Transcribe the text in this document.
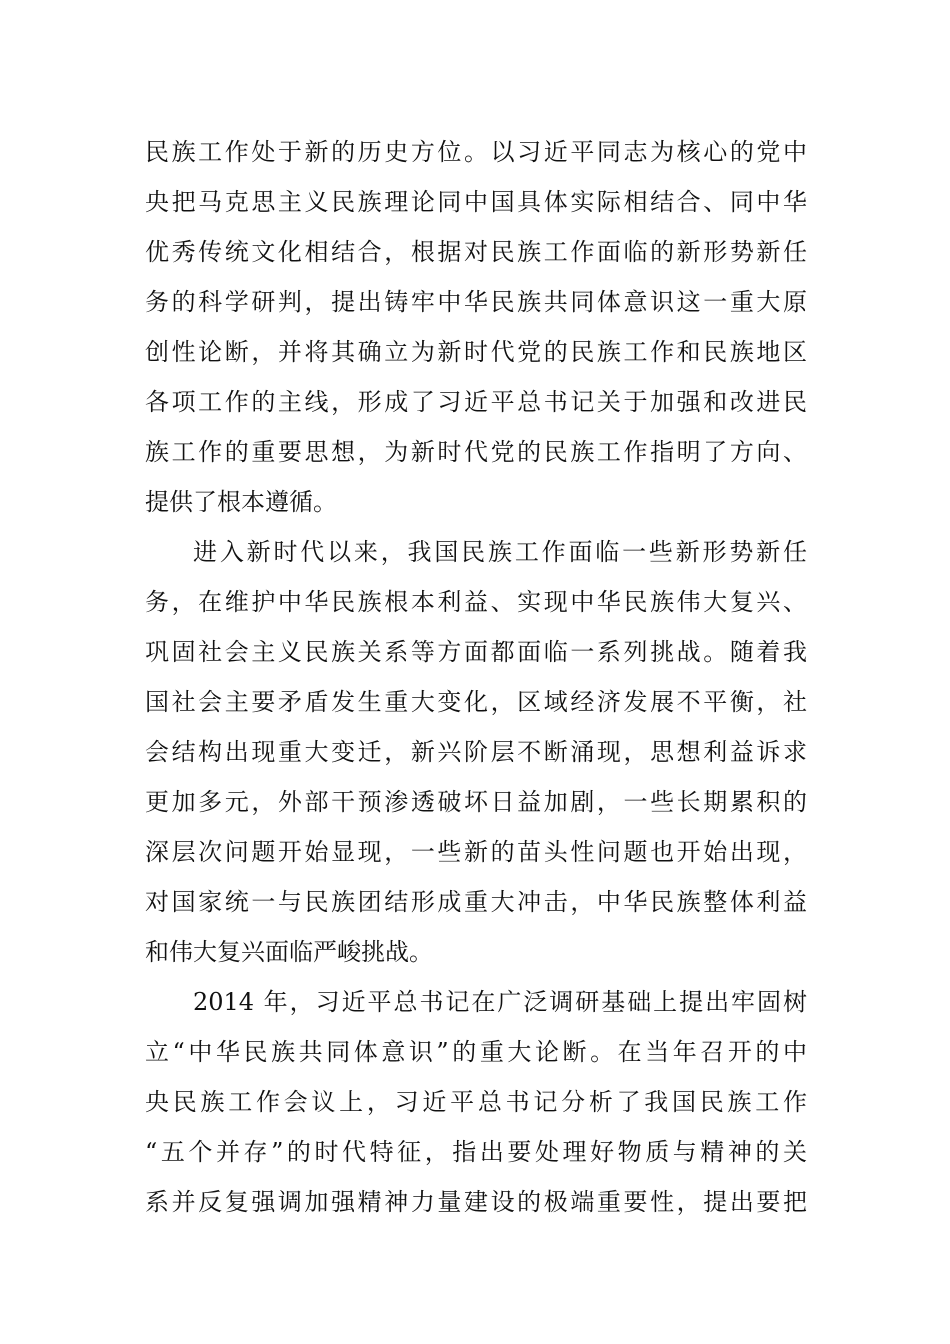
民族工作处于新的历史方位。以习近平同志为核心的党中
央把马克思主义民族理论同中国具体实际相结合、同中华
优秀传统文化相结合，根据对民族工作面临的新形势新任
务的科学研判，提出铸牢中华民族共同体意识这一重大原
创性论断，并将其确立为新时代党的民族工作和民族地区
各项工作的主线，形成了习近平总书记关于加强和改进民
族工作的重要思想，为新时代党的民族工作指明了方向、
提供了根本遵循。
进入新时代以来，我国民族工作面临一些新形势新任
务，在维护中华民族根本利益、实现中华民族伟大复兴、
巩固社会主义民族关系等方面都面临一系列挑战。随着我
国社会主要矛盾发生重大变化，区域经济发展不平衡，社
会结构出现重大变迁，新兴阶层不断涌现，思想利益诉求
更加多元，外部干预渗透破坏日益加剧，一些长期累积的
深层次问题开始显现，一些新的苗头性问题也开始出现，
对国家统一与民族团结形成重大冲击，中华民族整体利益
和伟大复兴面临严峻挑战。
2014 年，习近平总书记在广泛调研基础上提出牢固树
立“中华民族共同体意识”的重大论断。在当年召开的中
央民族工作会议上，习近平总书记分析了我国民族工作
“五个并存”的时代特征，指出要处理好物质与精神的关
系并反复强调加强精神力量建设的极端重要性，提出要把
